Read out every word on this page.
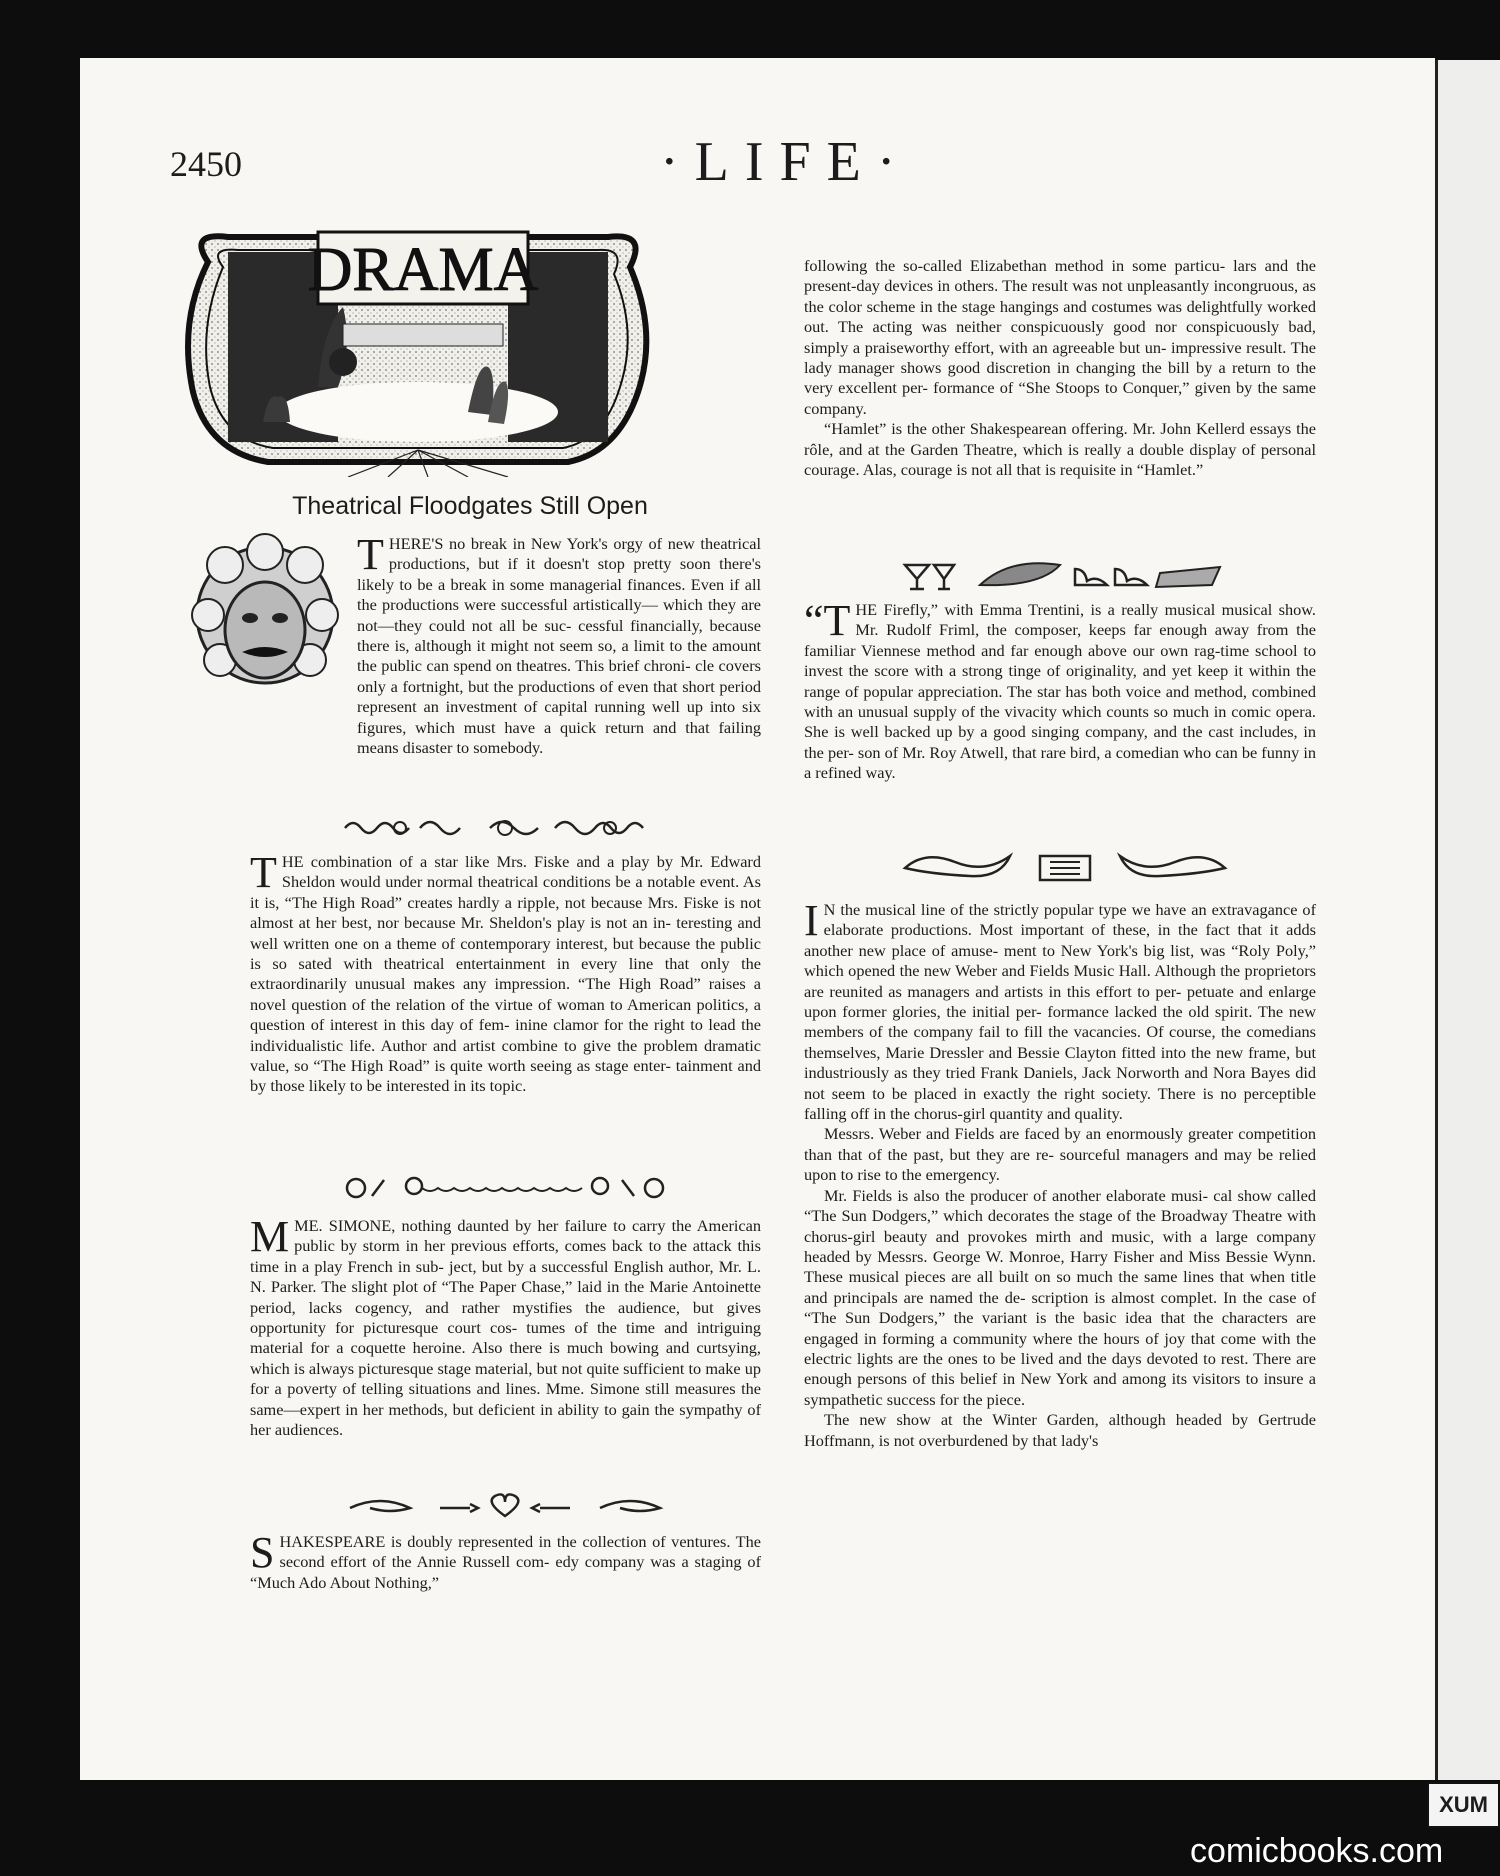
2450	·LIFE·
DRAMA
Theatrical Floodgates Still Open

THERE'S no break in New York's orgy of new theatrical productions, but if it doesn't stop pretty soon there's likely to be a break in some managerial finances. Even if all the productions were successful artistically— which they are not—they could not all be suc- cessful financially, because there is, although it might not seem so, a limit to the amount the public can spend on theatres. This brief chroni- cle covers only a fortnight, but the productions of even that short period represent an investment of capital running well up into six figures, which must have a quick return and that failing means disaster to somebody.

THE combination of a star like Mrs. Fiske and a play by Mr. Edward Sheldon would under normal theatrical conditions be a notable event. As it is, “The High Road” creates hardly a ripple, not because Mrs. Fiske is not almost at her best, nor because Mr. Sheldon's play is not an in- teresting and well written one on a theme of contemporary interest, but because the public is so sated with theatrical entertainment in every line that only the extraordinarily unusual makes any impression. “The High Road” raises a novel question of the relation of the virtue of woman to American politics, a question of interest in this day of fem- inine clamor for the right to lead the individualistic life. Author and artist combine to give the problem dramatic value, so “The High Road” is quite worth seeing as stage enter- tainment and by those likely to be interested in its topic.

MME. SIMONE, nothing daunted by her failure to carry the American public by storm in her previous efforts, comes back to the attack this time in a play French in sub- ject, but by a successful English author, Mr. L. N. Parker. The slight plot of “The Paper Chase,” laid in the Marie Antoinette period, lacks cogency, and rather mystifies the audience, but gives opportunity for picturesque court cos- tumes of the time and intriguing material for a coquette heroine. Also there is much bowing and curtsying, which is always picturesque stage material, but not quite sufficient to make up for a poverty of telling situations and lines. Mme. Simone still measures the same—expert in her methods, but deficient in ability to gain the sympathy of her audiences.

SHAKESPEARE is doubly represented in the collection of ventures. The second effort of the Annie Russell com- edy company was a staging of “Much Ado About Nothing,”

following the so-called Elizabethan method in some particu- lars and the present-day devices in others. The result was not unpleasantly incongruous, as the color scheme in the stage hangings and costumes was delightfully worked out. The acting was neither conspicuously good nor conspicuously bad, simply a praiseworthy effort, with an agreeable but un- impressive result. The lady manager shows good discretion in changing the bill by a return to the very excellent per- formance of “She Stoops to Conquer,” given by the same company.

“Hamlet” is the other Shakespearean offering. Mr. John Kellerd essays the rôle, and at the Garden Theatre, which is really a double display of personal courage. Alas, courage is not all that is requisite in “Hamlet.”

“THE Firefly,” with Emma Trentini, is a really musical musical show. Mr. Rudolf Friml, the composer, keeps far enough away from the familiar Viennese method and far enough above our own rag-time school to invest the score with a strong tinge of originality, and yet keep it within the range of popular appreciation. The star has both voice and method, combined with an unusual supply of the vivacity which counts so much in comic opera. She is well backed up by a good singing company, and the cast includes, in the per- son of Mr. Roy Atwell, that rare bird, a comedian who can be funny in a refined way.

I N the musical line of the strictly popular type we have an extravagance of elaborate productions. Most important of these, in the fact that it adds another new place of amuse- ment to New York's big list, was “Roly Poly,” which opened the new Weber and Fields Music Hall. Although the proprietors are reunited as managers and artists in this effort to per- petuate and enlarge upon former glories, the initial per- formance lacked the old spirit. The new members of the company fail to fill the vacancies. Of course, the comedians themselves, Marie Dressler and Bessie Clayton fitted into the new frame, but industriously as they tried Frank Daniels, Jack Norworth and Nora Bayes did not seem to be placed in exactly the right society. There is no perceptible falling off in the chorus-girl quantity and quality.

Messrs. Weber and Fields are faced by an enormously greater competition than that of the past, but they are re- sourceful managers and may be relied upon to rise to the emergency.

Mr. Fields is also the producer of another elaborate musi- cal show called “The Sun Dodgers,” which decorates the stage of the Broadway Theatre with chorus-girl beauty and provokes mirth and music, with a large company headed by Messrs. George W. Monroe, Harry Fisher and Miss Bessie Wynn. These musical pieces are all built on so much the same lines that when title and principals are named the de- scription is almost complet. In the case of “The Sun Dodgers,” the variant is the basic idea that the characters are engaged in forming a community where the hours of joy that come with the electric lights are the ones to be lived and the days devoted to rest. There are enough persons of this belief in New York and among its visitors to insure a sympathetic success for the piece.

The new show at the Winter Garden, although headed by Gertrude Hoffmann, is not overburdened by that lady's

XUM
comicbooks.com
